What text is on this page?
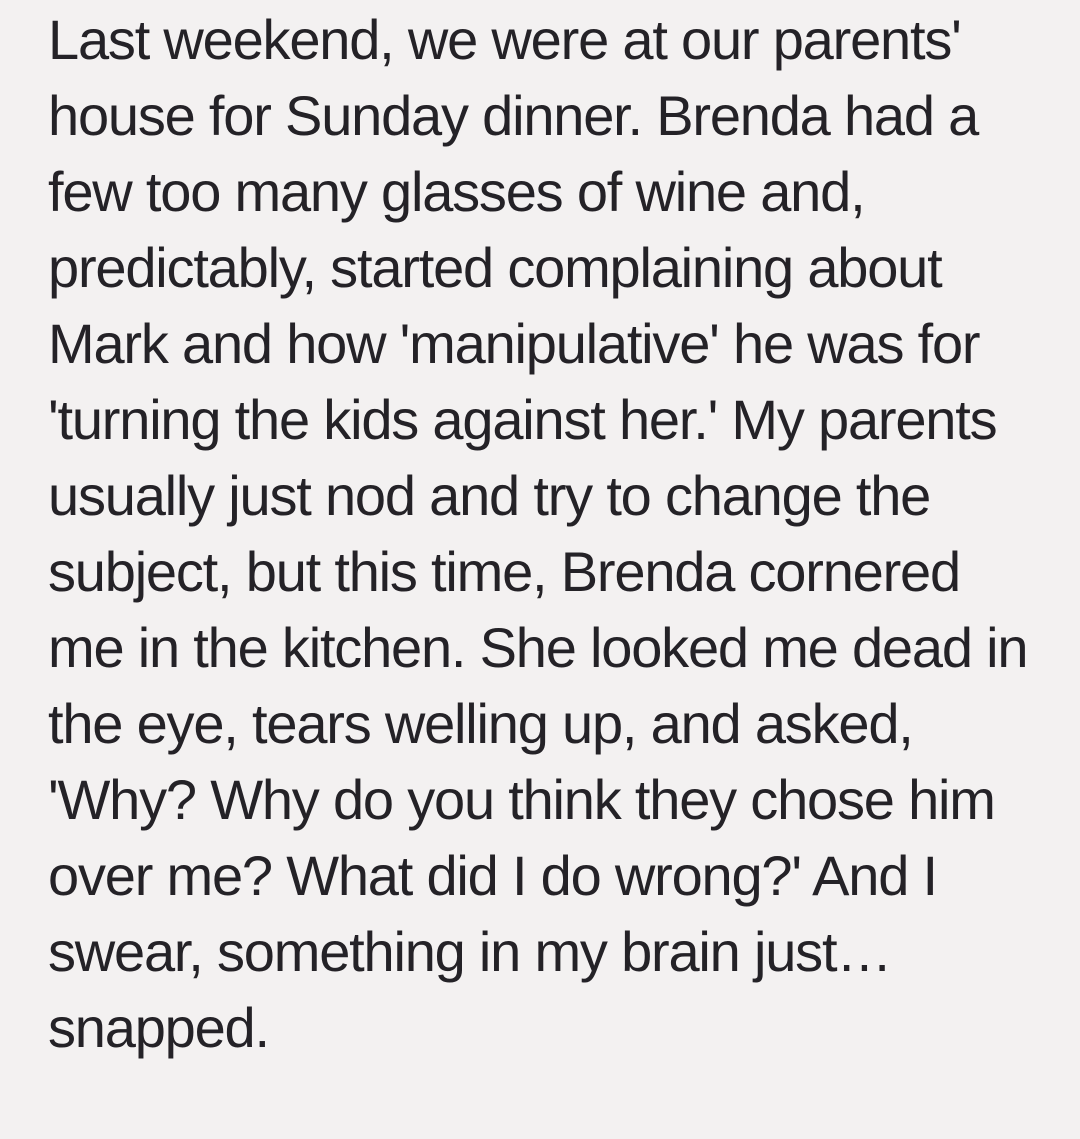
Last weekend, we were at our parents'
house for Sunday dinner. Brenda had a
few too many glasses of wine and,
predictably, started complaining about
Mark and how 'manipulative' he was for
'turning the kids against her.' My parents
usually just nod and try to change the
subject, but this time, Brenda cornered
me in the kitchen. She looked me dead in
the eye, tears welling up, and asked,
'Why? Why do you think they chose him
over me? What did I do wrong?' And I
swear, something in my brain just…
snapped.
